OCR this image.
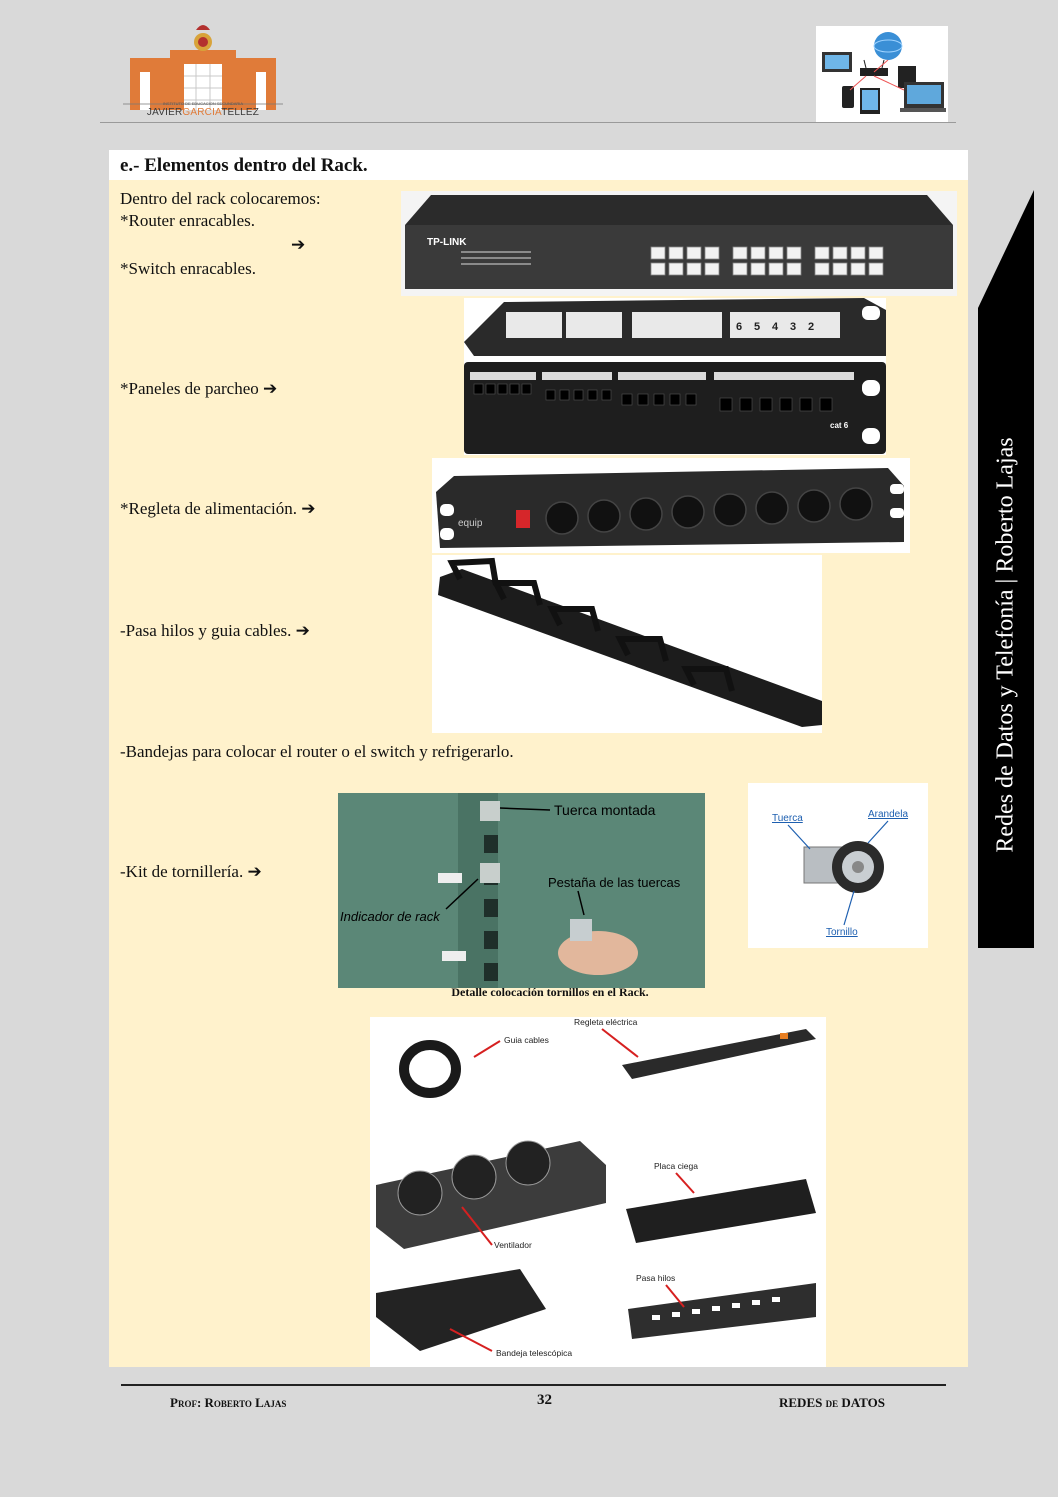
INSTITUTO DE EDUCACION SECUNDARIA
JAVIERGARCIATELLEZ
e.- Elementos dentro del Rack.
Dentro del rack colocaremos:
*Router enracables.
➔
*Switch enracables.
*Paneles de parcheo ➔
*Regleta de alimentación. ➔
-Pasa hilos y guia cables. ➔
-Bandejas para colocar el router o el switch y refrigerarlo.
-Kit de tornillería. ➔
TP-LINK
6 5 4 3 2
cat 6
equip
Tuerca montada
Pestaña de las tuercas
Indicador de rack
Tuerca	Arandela
Tornillo
Detalle colocación tornillos en el Rack.
Guia cables
Regleta eléctrica
Ventilador
Placa ciega
Bandeja telescópica
Pasa hilos
Redes de Datos y Telefonía | Roberto Lajas
Prof: Roberto Lajas	32	REDES de DATOS
